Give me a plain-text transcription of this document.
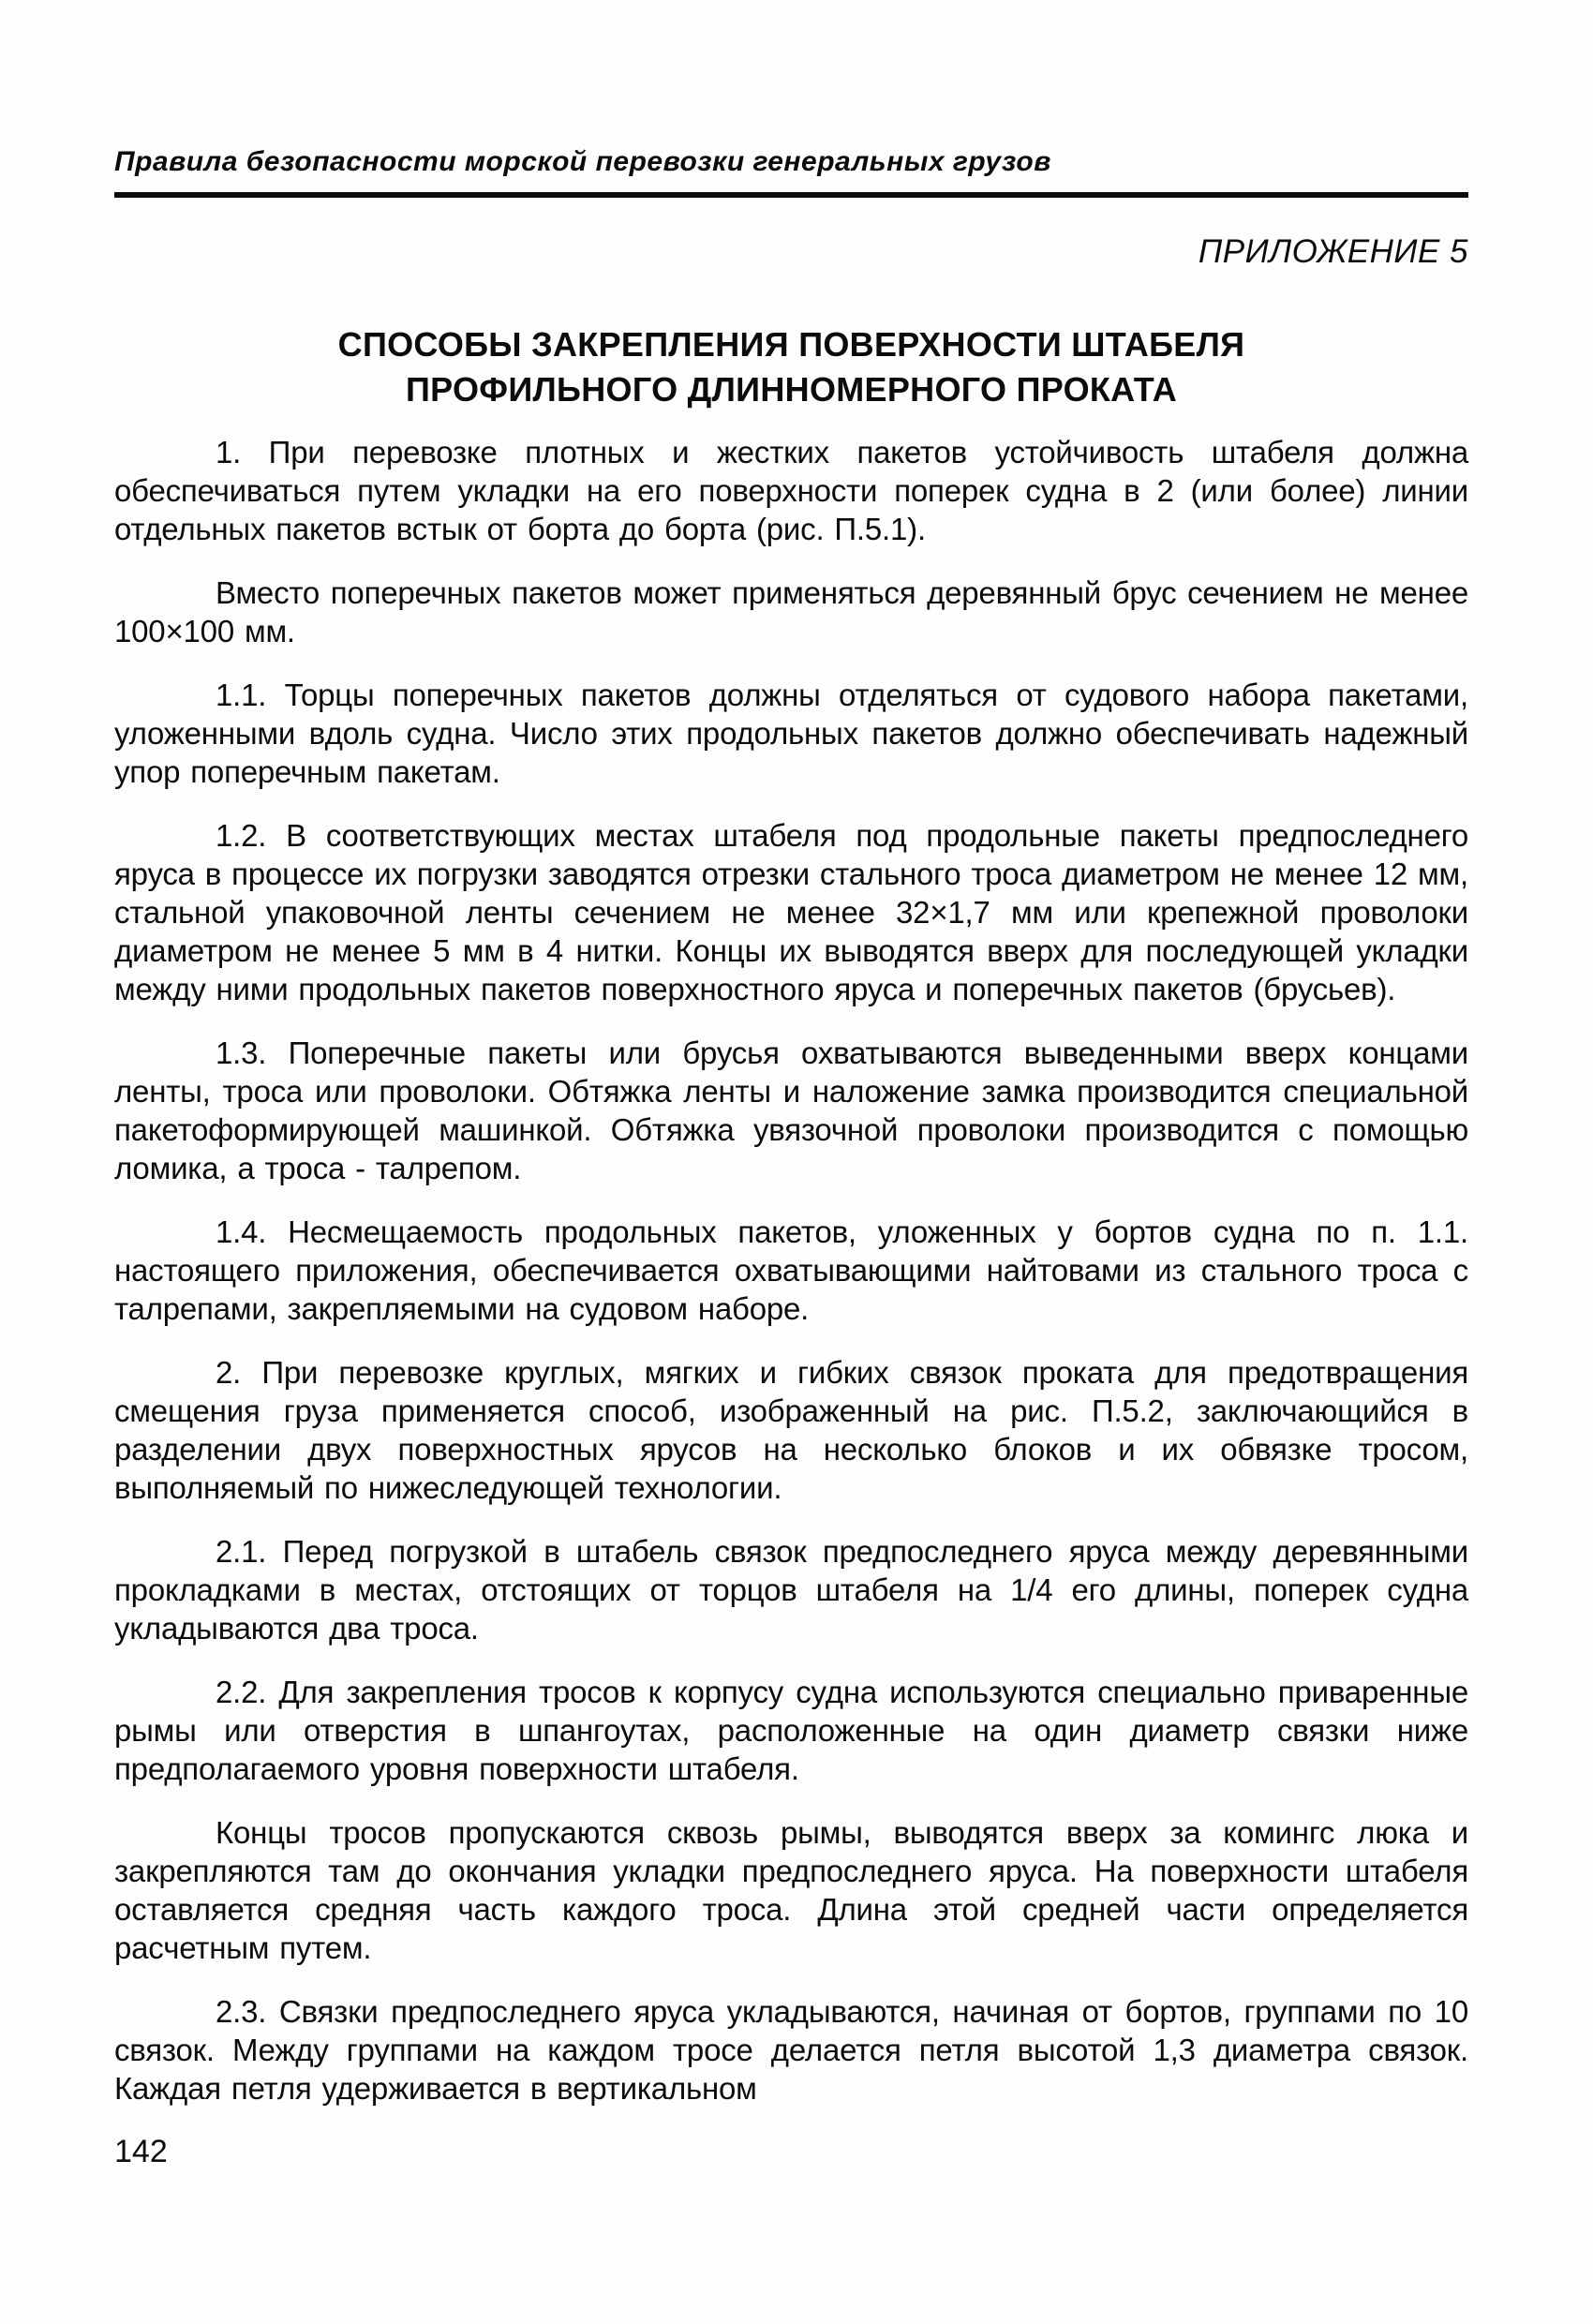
Правила безопасности морской перевозки генеральных грузов
ПРИЛОЖЕНИЕ 5
СПОСОБЫ ЗАКРЕПЛЕНИЯ ПОВЕРХНОСТИ ШТАБЕЛЯ
ПРОФИЛЬНОГО ДЛИННОМЕРНОГО ПРОКАТА

1. При перевозке плотных и жестких пакетов устойчивость штабеля должна обеспечиваться путем укладки на его поверхности поперек судна в 2 (или более) линии отдельных пакетов встык от борта до борта (рис. П.5.1).

Вместо поперечных пакетов может применяться деревянный брус сечением не менее 100×100 мм.

1.1. Торцы поперечных пакетов должны отделяться от судового набора пакетами, уложенными вдоль судна. Число этих продольных пакетов должно обеспечивать надежный упор поперечным пакетам.

1.2. В соответствующих местах штабеля под продольные пакеты предпоследнего яруса в процессе их погрузки заводятся отрезки стального троса диаметром не менее 12 мм, стальной упаковочной ленты сечением не менее 32×1,7 мм или крепежной проволоки диаметром не менее 5 мм в 4 нитки. Концы их выводятся вверх для последующей укладки между ними продольных пакетов поверхностного яруса и поперечных пакетов (брусьев).

1.3. Поперечные пакеты или брусья охватываются выведенными вверх концами ленты, троса или проволоки. Обтяжка ленты и наложение замка производится специальной пакетоформирующей машинкой. Обтяжка увязочной проволоки производится с помощью ломика, а троса - талрепом.

1.4. Несмещаемость продольных пакетов, уложенных у бортов судна по п. 1.1. настоящего приложения, обеспечивается охватывающими найтовами из стального троса с талрепами, закрепляемыми на судовом наборе.

2. При перевозке круглых, мягких и гибких связок проката для предотвращения смещения груза применяется способ, изображенный на рис. П.5.2, заключающийся в разделении двух поверхностных ярусов на несколько блоков и их обвязке тросом, выполняемый по нижеследующей технологии.

2.1. Перед погрузкой в штабель связок предпоследнего яруса между деревянными прокладками в местах, отстоящих от торцов штабеля на 1/4 его длины, поперек судна укладываются два троса.

2.2. Для закрепления тросов к корпусу судна используются специально приваренные рымы или отверстия в шпангоутах, расположенные на один диаметр связки ниже предполагаемого уровня поверхности штабеля.

Концы тросов пропускаются сквозь рымы, выводятся вверх за комингс люка и закрепляются там до окончания укладки предпоследнего яруса. На поверхности штабеля оставляется средняя часть каждого троса. Длина этой средней части определяется расчетным путем.

2.3. Связки предпоследнего яруса укладываются, начиная от бортов, группами по 10 связок. Между группами на каждом тросе делается петля высотой 1,3 диаметра связок. Каждая петля удерживается в вертикальном

142
